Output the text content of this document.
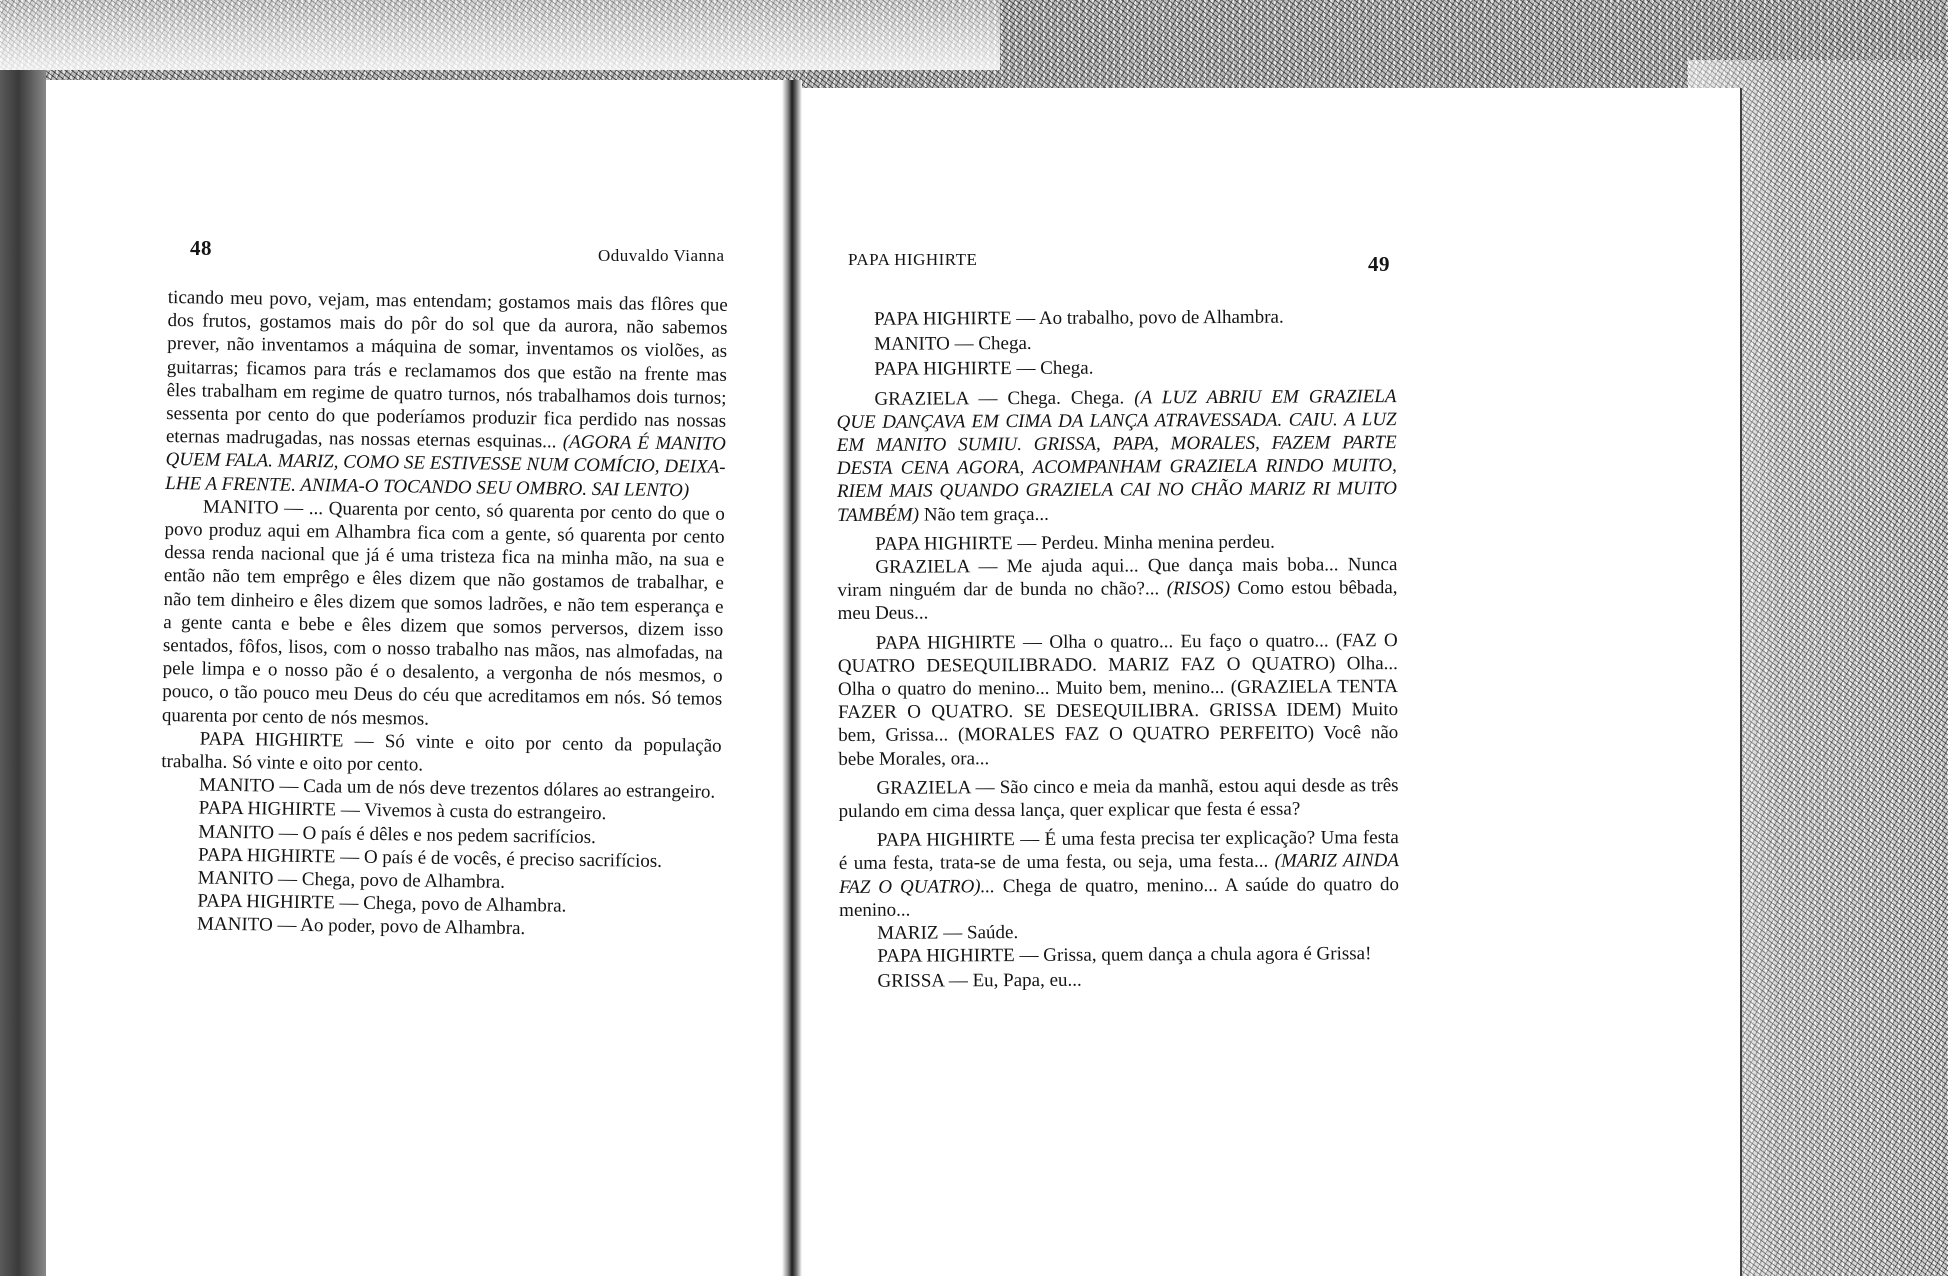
48	Oduvaldo Vianna	PAPA HIGHIRTE	49

ticando meu povo, vejam, mas entendam; gostamos mais das flôres que dos frutos, gostamos mais do pôr do sol que da aurora, não sabemos prever, não inventamos a máquina de somar, inventamos os violões, as guitarras; ficamos para trás e reclamamos dos que estão na frente mas êles trabalham em regime de quatro turnos, nós trabalhamos dois turnos; sessenta por cento do que poderíamos produzir fica perdido nas nossas eternas madrugadas, nas nossas eternas esquinas... (AGORA É MANITO QUEM FALA. MARIZ, COMO SE ESTIVESSE NUM COMÍCIO, DEIXA-LHE A FRENTE. ANIMA-O TOCANDO SEU OMBRO. SAI LENTO)

MANITO — ... Quarenta por cento, só quarenta por cento do que o povo produz aqui em Alhambra fica com a gente, só quarenta por cento dessa renda nacional que já é uma tristeza fica na minha mão, na sua e então não tem emprêgo e êles dizem que não gostamos de trabalhar, e não tem dinheiro e êles dizem que somos ladrões, e não tem esperança e a gente canta e bebe e êles dizem que somos perversos, dizem isso sentados, fôfos, lisos, com o nosso trabalho nas mãos, nas almofadas, na pele limpa e o nosso pão é o desalento, a vergonha de nós mesmos, o pouco, o tão pouco meu Deus do céu que acreditamos em nós. Só temos quarenta por cento de nós mesmos.

PAPA HIGHIRTE — Só vinte e oito por cento da população trabalha. Só vinte e oito por cento.

MANITO — Cada um de nós deve trezentos dólares ao estrangeiro.

PAPA HIGHIRTE — Vivemos à custa do estrangeiro.

MANITO — O país é dêles e nos pedem sacrifícios.

PAPA HIGHIRTE — O país é de vocês, é preciso sacrifícios.

MANITO — Chega, povo de Alhambra.

PAPA HIGHIRTE — Chega, povo de Alhambra.

MANITO — Ao poder, povo de Alhambra.

PAPA HIGHIRTE — Ao trabalho, povo de Alhambra.

MANITO — Chega.

PAPA HIGHIRTE — Chega.

GRAZIELA — Chega. Chega. (A LUZ ABRIU EM GRAZIELA QUE DANÇAVA EM CIMA DA LANÇA ATRAVESSADA. CAIU. A LUZ EM MANITO SUMIU. GRISSA, PAPA, MORALES, FAZEM PARTE DESTA CENA AGORA, ACOMPANHAM GRAZIELA RINDO MUITO, RIEM MAIS QUANDO GRAZIELA CAI NO CHÃO MARIZ RI MUITO TAMBÉM) Não tem graça...

PAPA HIGHIRTE — Perdeu. Minha menina perdeu.

GRAZIELA — Me ajuda aqui... Que dança mais boba... Nunca viram ninguém dar de bunda no chão?... (RISOS) Como estou bêbada, meu Deus...

PAPA HIGHIRTE — Olha o quatro... Eu faço o quatro... (FAZ O QUATRO DESEQUILIBRADO. MARIZ FAZ O QUATRO) Olha... Olha o quatro do menino... Muito bem, menino... (GRAZIELA TENTA FAZER O QUATRO. SE DESEQUILIBRA. GRISSA IDEM) Muito bem, Grissa... (MORALES FAZ O QUATRO PERFEITO) Você não bebe Morales, ora...

GRAZIELA — São cinco e meia da manhã, estou aqui desde as três pulando em cima dessa lança, quer explicar que festa é essa?

PAPA HIGHIRTE — É uma festa precisa ter explicação? Uma festa é uma festa, trata-se de uma festa, ou seja, uma festa... (MARIZ AINDA FAZ O QUATRO)... Chega de quatro, menino... A saúde do quatro do menino...

MARIZ — Saúde.

PAPA HIGHIRTE — Grissa, quem dança a chula agora é Grissa!

GRISSA — Eu, Papa, eu...
